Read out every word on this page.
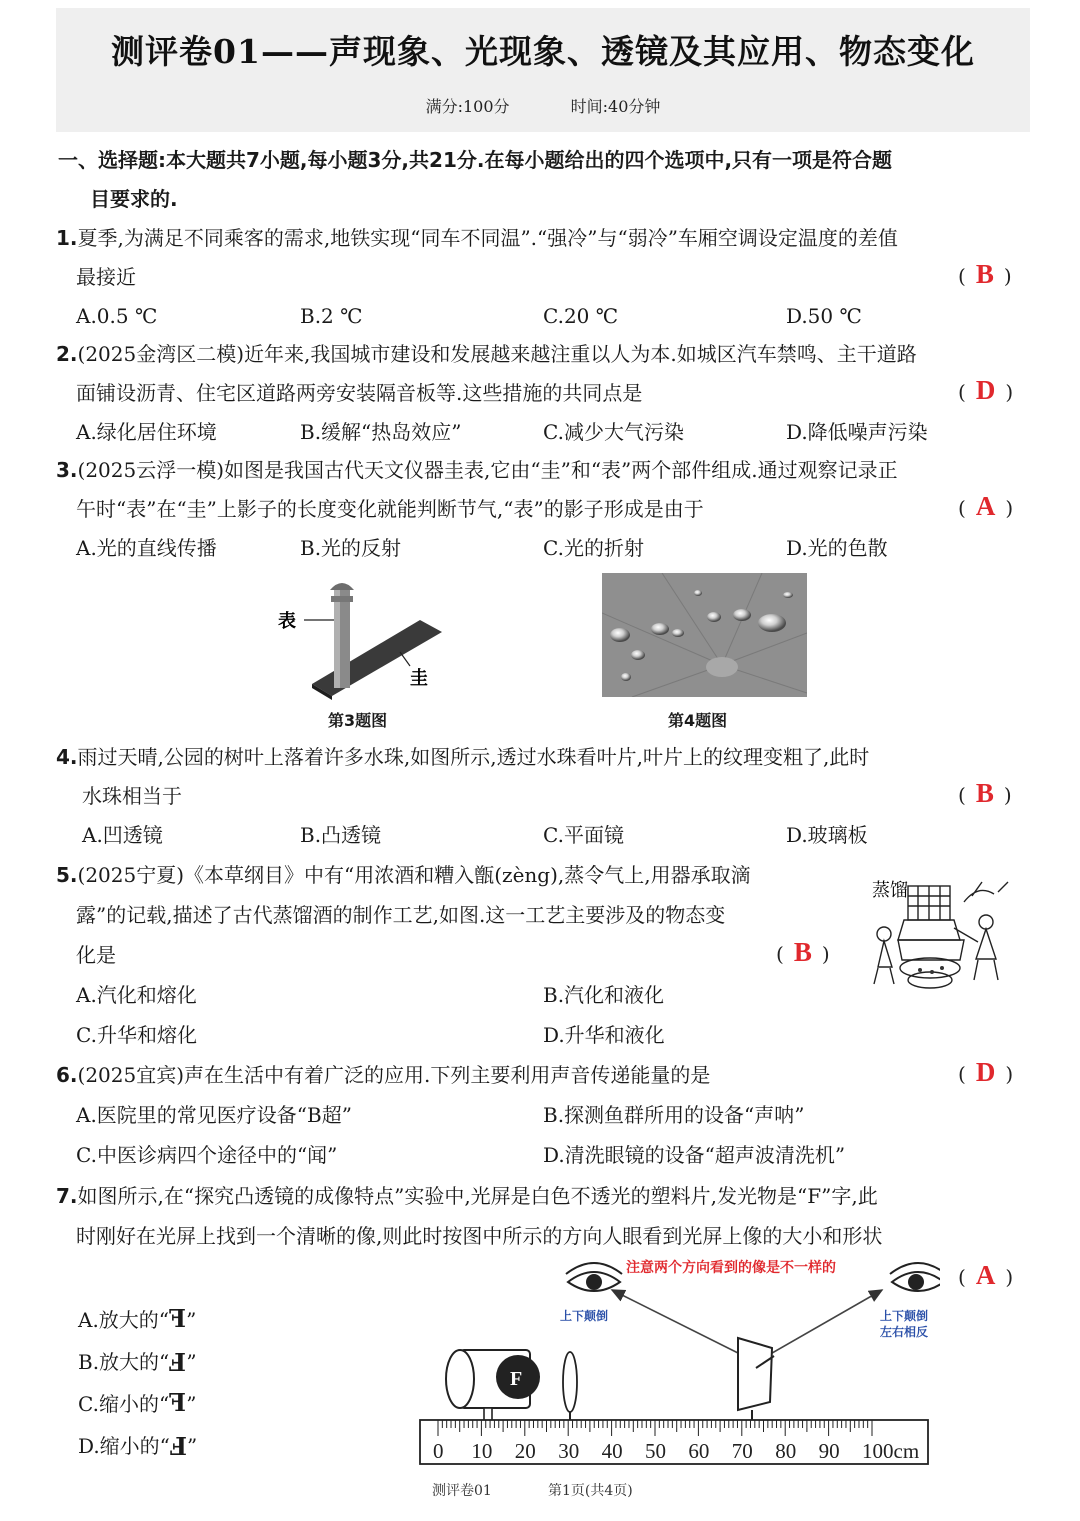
测评卷01——声现象、光现象、透镜及其应用、物态变化
满分:100分	时间:40分钟
一、选择题:本大题共7小题,每小题3分,共21分.在每小题给出的四个选项中,只有一项是符合题
目要求的.
1.夏季,为满足不同乘客的需求,地铁实现“同车不同温”.“强冷”与“弱冷”车厢空调设定温度的差值
最接近	( B )
A.0.5 ℃	B.2 ℃	C.20 ℃	D.50 ℃
2.(2025金湾区二模)近年来,我国城市建设和发展越来越注重以人为本.如城区汽车禁鸣、主干道路
面铺设沥青、住宅区道路两旁安装隔音板等.这些措施的共同点是	( D )
A.绿化居住环境	B.缓解“热岛效应”	C.减少大气污染	D.降低噪声污染
3.(2025云浮一模)如图是我国古代天文仪器圭表,它由“圭”和“表”两个部件组成.通过观察记录正
午时“表”在“圭”上影子的长度变化就能判断节气,“表”的影子形成是由于	( A )
A.光的直线传播	B.光的反射	C.光的折射	D.光的色散
表
圭
第3题图	第4题图
4.雨过天晴,公园的树叶上落着许多水珠,如图所示,透过水珠看叶片,叶片上的纹理变粗了,此时
水珠相当于	( B )
A.凹透镜	B.凸透镜	C.平面镜	D.玻璃板
5.(2025宁夏)《本草纲目》中有“用浓酒和糟入甑(zèng),蒸令气上,用器承取滴
露”的记载,描述了古代蒸馏酒的制作工艺,如图.这一工艺主要涉及的物态变
化是	( B )
蒸馏
A.汽化和熔化	B.汽化和液化
C.升华和熔化	D.升华和液化
6.(2025宜宾)声在生活中有着广泛的应用.下列主要利用声音传递能量的是	( D )
A.医院里的常见医疗设备“B超”	B.探测鱼群所用的设备“声呐”
C.中医诊病四个途径中的“闻”	D.清洗眼镜的设备“超声波清洗机”
7.如图所示,在“探究凸透镜的成像特点”实验中,光屏是白色不透光的塑料片,发光物是“F”字,此
时刚好在光屏上找到一个清晰的像,则此时按图中所示的方向人眼看到光屏上像的大小和形状
( A )
A.放大的“F”
B.放大的“F”
C.缩小的“F”
D.缩小的“F”
注意两个方向看到的像是不一样的
上下颠倒	上下颠倒
左右相反
F
0 10 20 30 40 50 60 70 80 90 100cm
测评卷01	第1页(共4页)
